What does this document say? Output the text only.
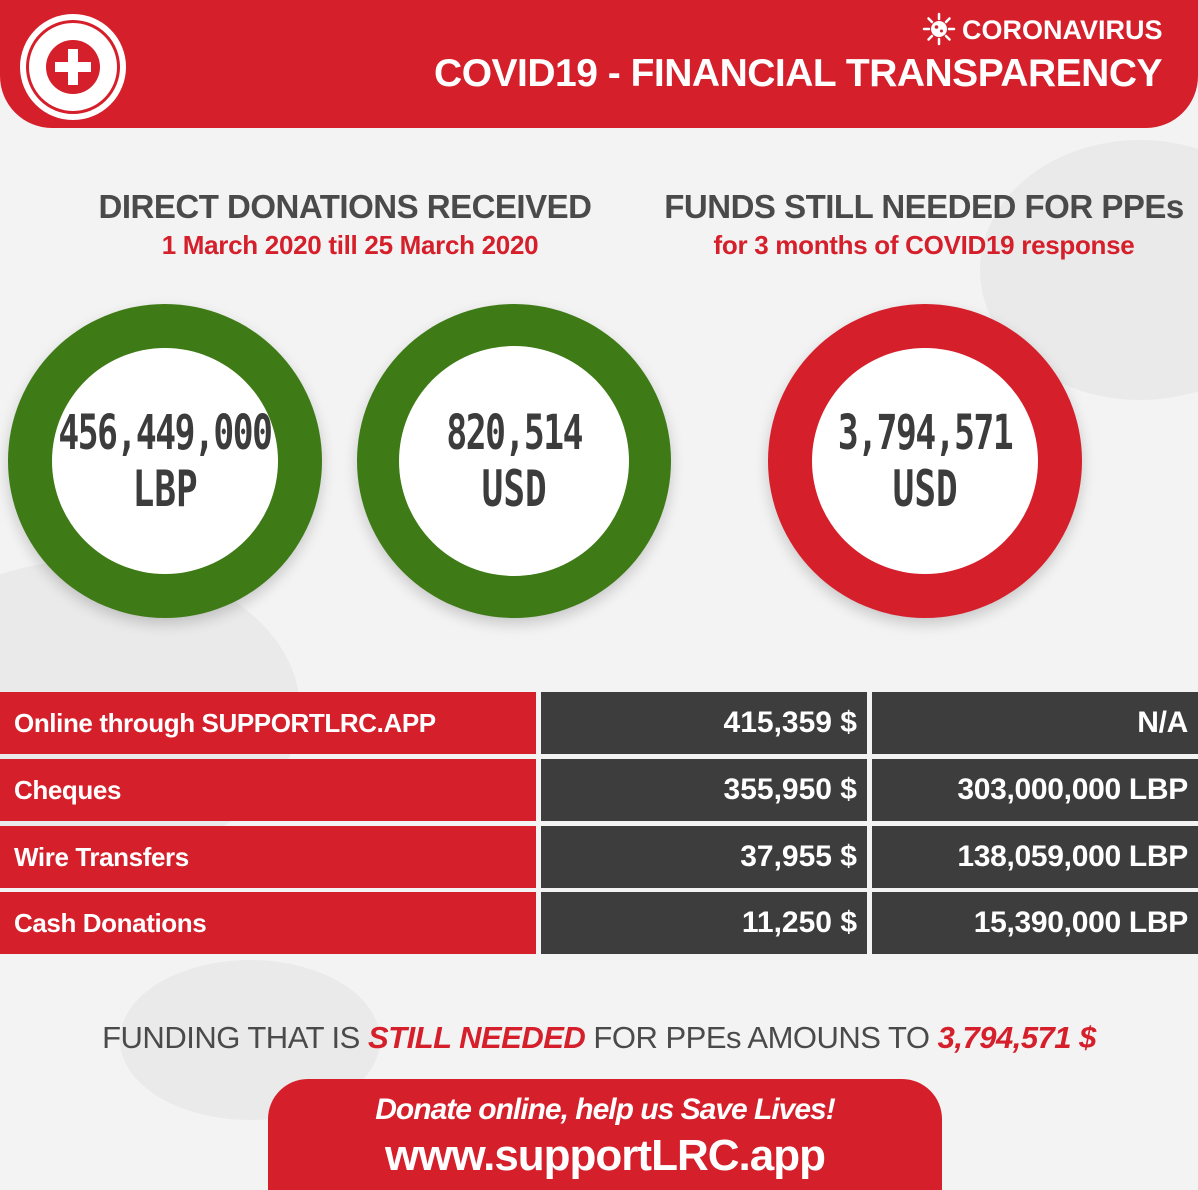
CORONAVIRUS
COVID19 - FINANCIAL TRANSPARENCY
DIRECT DONATIONS RECEIVED
1 March 2020 till 25 March 2020
FUNDS STILL NEEDED FOR PPEs
for 3 months of COVID19 response
456,449,000
LBP
820,514
USD
3,794,571
USD
Online through SUPPORTLRC.APP	415,359 $	N/A
Cheques	355,950 $	303,000,000 LBP
Wire Transfers	37,955 $	138,059,000 LBP
Cash Donations	11,250 $	15,390,000 LBP
FUNDING THAT IS STILL NEEDED FOR PPEs AMOUNS TO 3,794,571 $
Donate online, help us Save Lives!
www.supportLRC.app
